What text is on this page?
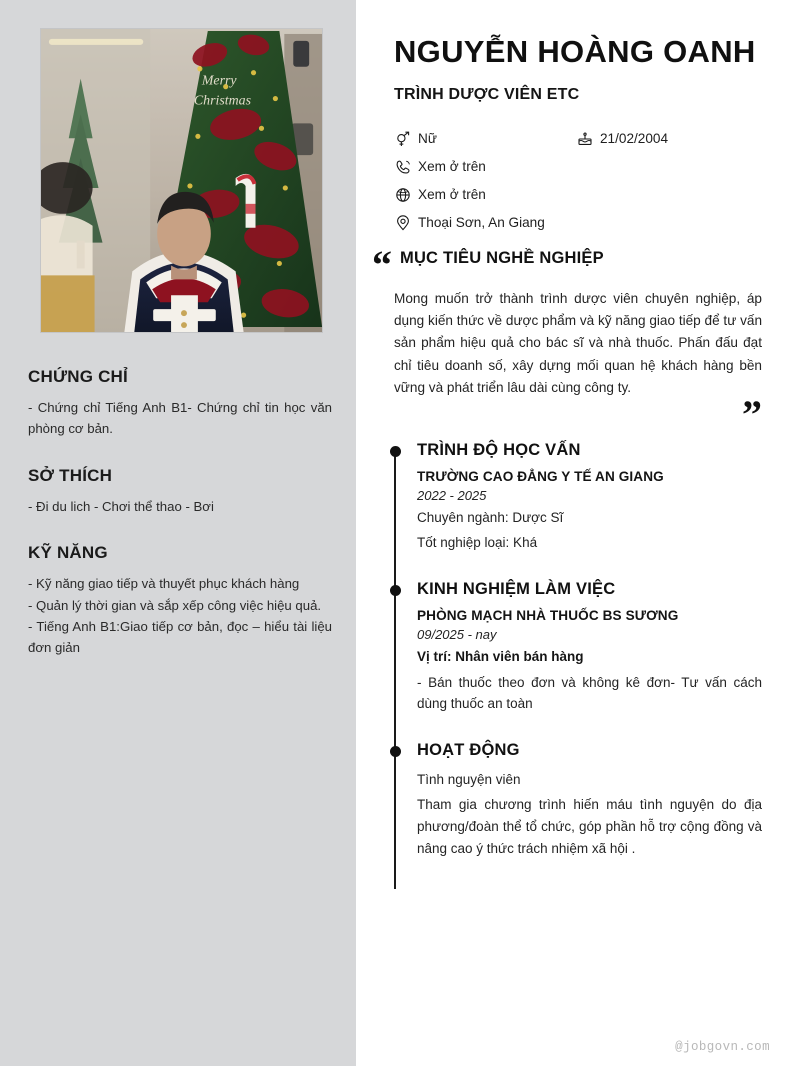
Merry
Christmas
CHỨNG CHỈ

- Chứng chỉ Tiếng Anh B1- Chứng chỉ tin học văn phòng cơ bản.

SỞ THÍCH

- Đi du lich - Chơi thể thao - Bơi

KỸ NĂNG

- Kỹ năng giao tiếp và thuyết phục khách hàng
- Quản lý thời gian và sắp xếp công việc hiệu quả.
- Tiếng Anh B1:Giao tiếp cơ bản, đọc – hiểu tài liệu đơn giản

NGUYỄN HOÀNG OANH
TRÌNH DƯỢC VIÊN ETC
Nữ	21/02/2004
Xem ở trên
Xem ở trên
Thoại Sơn, An Giang
“ MỤC TIÊU NGHỀ NGHIỆP

Mong muốn trở thành trình dược viên chuyên nghiệp, áp dụng kiến thức về dược phẩm và kỹ năng giao tiếp để tư vấn sản phẩm hiệu quả cho bác sĩ và nhà thuốc. Phấn đấu đạt chỉ tiêu doanh số, xây dựng mối quan hệ khách hàng bền vững và phát triển lâu dài cùng công ty.

”
TRÌNH ĐỘ HỌC VẤN

TRƯỜNG CAO ĐẲNG Y TẾ AN GIANG

2022 - 2025

Chuyên ngành: Dược Sĩ

Tốt nghiệp loại: Khá

KINH NGHIỆM LÀM VIỆC

PHÒNG MẠCH NHÀ THUỐC BS SƯƠNG

09/2025 - nay

Vị trí: Nhân viên bán hàng

- Bán thuốc theo đơn và không kê đơn- Tư vấn cách dùng thuốc an toàn

HOẠT ĐỘNG

Tình nguyện viên

Tham gia chương trình hiến máu tình nguyện do địa phương/đoàn thể tổ chức, góp phần hỗ trợ cộng đồng và nâng cao ý thức trách nhiệm xã hội .

@jobgovn.com
